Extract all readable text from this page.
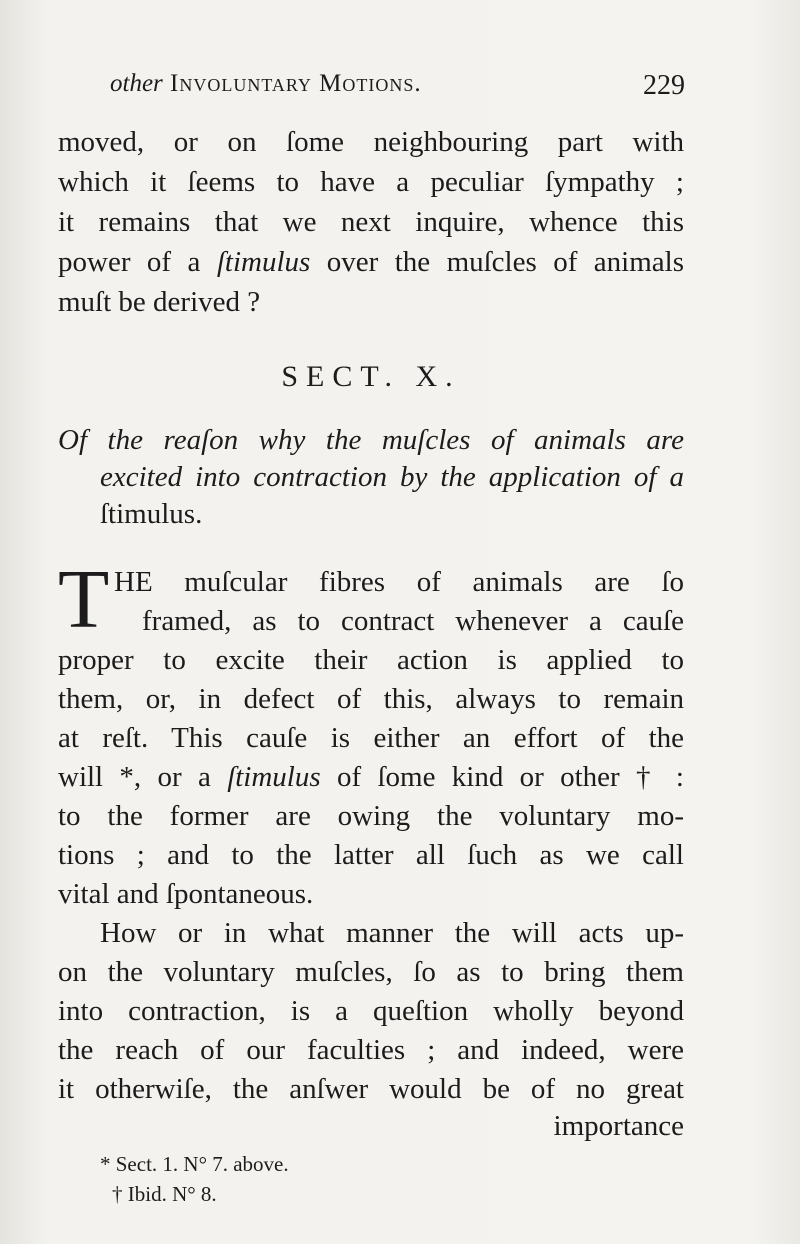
other Involuntary Motions.	229
moved, or on ſome neighbouring part with
which it ſeems to have a peculiar ſympathy ;
it remains that we next inquire, whence this
power of a ſtimulus over the muſcles of animals
muſt be derived ?
SECT. X.
Of the reaſon why the muſcles of animals are
excited into contraction by the application of a
ſtimulus.
T HE muſcular fibres of animals are ſo
framed, as to contract whenever a cauſe
proper to excite their action is applied to
them, or, in defect of this, always to remain
at reſt. This cauſe is either an effort of the
will *, or a ſtimulus of ſome kind or other † :
to the former are owing the voluntary mo-
tions ; and to the latter all ſuch as we call
vital and ſpontaneous.
How or in what manner the will acts up-
on the voluntary muſcles, ſo as to bring them
into contraction, is a queſtion wholly beyond
the reach of our faculties ; and indeed, were
it otherwiſe, the anſwer would be of no great
importance
* Sect. 1. N° 7. above.
† Ibid. N° 8.
